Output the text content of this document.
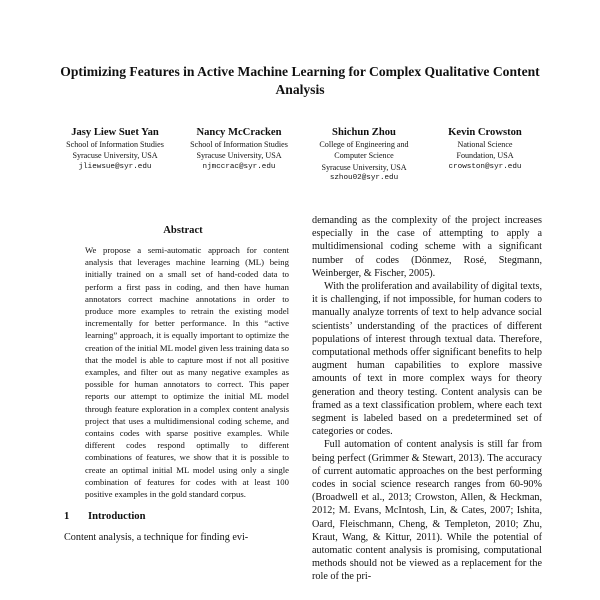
Optimizing Features in Active Machine Learning for Complex Qualitative Content Analysis
Jasy Liew Suet Yan
School of Information Studies
Syracuse University, USA
jliewsue@syr.edu
Nancy McCracken
School of Information Studies
Syracuse University, USA
njmccrac@syr.edu
Shichun Zhou
College of Engineering and
Computer Science
Syracuse University, USA
szhou02@syr.edu
Kevin Crowston
National Science
Foundation, USA
crowston@syr.edu
Abstract

We propose a semi-automatic approach for content analysis that leverages machine learning (ML) being initially trained on a small set of hand-coded data to perform a first pass in coding, and then have human annotators correct machine annotations in order to produce more examples to retrain the existing model incrementally for better performance. In this “active learning” approach, it is equally important to optimize the creation of the initial ML model given less training data so that the model is able to capture most if not all positive examples, and filter out as many negative examples as possible for human annotators to correct. This paper reports our attempt to optimize the initial ML model through feature exploration in a complex content analysis project that uses a multidimensional coding scheme, and contains codes with sparse positive examples. While different codes respond optimally to different combinations of features, we show that it is possible to create an optimal initial ML model using only a single combination of features for codes with at least 100 positive examples in the gold standard corpus.

1 Introduction

Content analysis, a technique for finding evi-

demanding as the complexity of the project increases especially in the case of attempting to apply a multidimensional coding scheme with a significant number of codes (Dönmez, Rosé, Stegmann, Weinberger, & Fischer, 2005).

With the proliferation and availability of digital texts, it is challenging, if not impossible, for human coders to manually analyze torrents of text to help advance social scientists’ understanding of the practices of different populations of interest through textual data. Therefore, computational methods offer significant benefits to help augment human capabilities to explore massive amounts of text in more complex ways for theory generation and theory testing. Content analysis can be framed as a text classification problem, where each text segment is labeled based on a predetermined set of categories or codes.

Full automation of content analysis is still far from being perfect (Grimmer & Stewart, 2013). The accuracy of current automatic approaches on the best performing codes in social science research ranges from 60-90% (Broadwell et al., 2013; Crowston, Allen, & Heckman, 2012; M. Evans, McIntosh, Lin, & Cates, 2007; Ishita, Oard, Fleischmann, Cheng, & Templeton, 2010; Zhu, Kraut, Wang, & Kittur, 2011). While the potential of automatic content analysis is promising, computational methods should not be viewed as a replacement for the role of the pri-
